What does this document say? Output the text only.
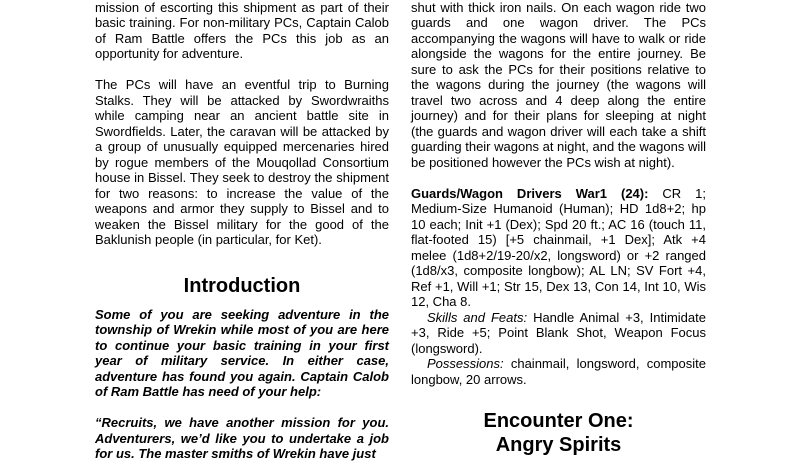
mission of escorting this shipment as part of their basic training. For non-military PCs, Captain Calob of Ram Battle offers the PCs this job as an opportunity for adventure.

The PCs will have an eventful trip to Burning Stalks. They will be attacked by Swordwraiths while camping near an ancient battle site in Swordfields. Later, the caravan will be attacked by a group of unusually equipped mercenaries hired by rogue members of the Mouqollad Consortium house in Bissel. They seek to destroy the shipment for two reasons: to increase the value of the weapons and armor they supply to Bissel and to weaken the Bissel military for the good of the Baklunish people (in particular, for Ket).

Introduction

Some of you are seeking adventure in the township of Wrekin while most of you are here to continue your basic training in your first year of military service. In either case, adventure has found you again. Captain Calob of Ram Battle has need of your help:

“Recruits, we have another mission for you. Adventurers, we’d like you to undertake a job for us. The master smiths of Wrekin have just

shut with thick iron nails. On each wagon ride two guards and one wagon driver. The PCs accompanying the wagons will have to walk or ride alongside the wagons for the entire journey. Be sure to ask the PCs for their positions relative to the wagons during the journey (the wagons will travel two across and 4 deep along the entire journey) and for their plans for sleeping at night (the guards and wagon driver will each take a shift guarding their wagons at night, and the wagons will be positioned however the PCs wish at night).

Guards/Wagon Drivers War1 (24): CR 1; Medium-Size Humanoid (Human); HD 1d8+2; hp 10 each; Init +1 (Dex); Spd 20 ft.; AC 16 (touch 11, flat-footed 15) [+5 chainmail, +1 Dex]; Atk +4 melee (1d8+2/19-20/x2, longsword) or +2 ranged (1d8/x3, composite longbow); AL LN; SV Fort +4, Ref +1, Will +1; Str 15, Dex 13, Con 14, Int 10, Wis 12, Cha 8.

Skills and Feats: Handle Animal +3, Intimidate +3, Ride +5; Point Blank Shot, Weapon Focus (longsword).

Possessions: chainmail, longsword, composite longbow, 20 arrows.

Encounter One:
Angry Spirits
